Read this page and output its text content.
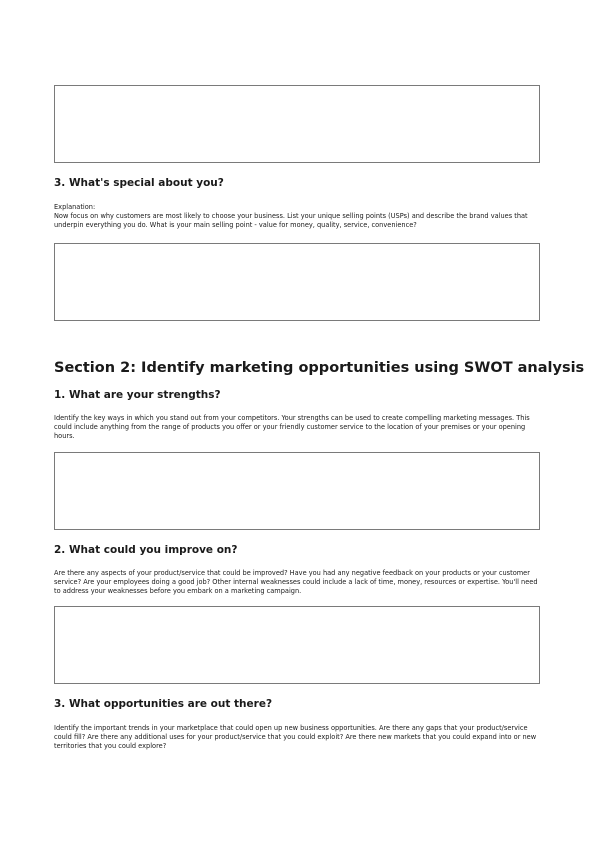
3. What's special about you?
Explanation:
Now focus on why customers are most likely to choose your business. List your unique selling points (USPs) and describe the brand values that underpin everything you do. What is your main selling point - value for money, quality, service, convenience?
Section 2: Identify marketing opportunities using SWOT analysis
1. What are your strengths?

Identify the key ways in which you stand out from your competitors. Your strengths can be used to create compelling marketing messages. This could include anything from the range of products you offer or your friendly customer service to the location of your premises or your opening hours.

2. What could you improve on?

Are there any aspects of your product/service that could be improved? Have you had any negative feedback on your products or your customer service? Are your employees doing a good job? Other internal weaknesses could include a lack of time, money, resources or expertise. You'll need to address your weaknesses before you embark on a marketing campaign.

3. What opportunities are out there?

Identify the important trends in your marketplace that could open up new business opportunities. Are there any gaps that your product/service could fill? Are there any additional uses for your product/service that you could exploit? Are there new markets that you could expand into or new territories that you could explore?
